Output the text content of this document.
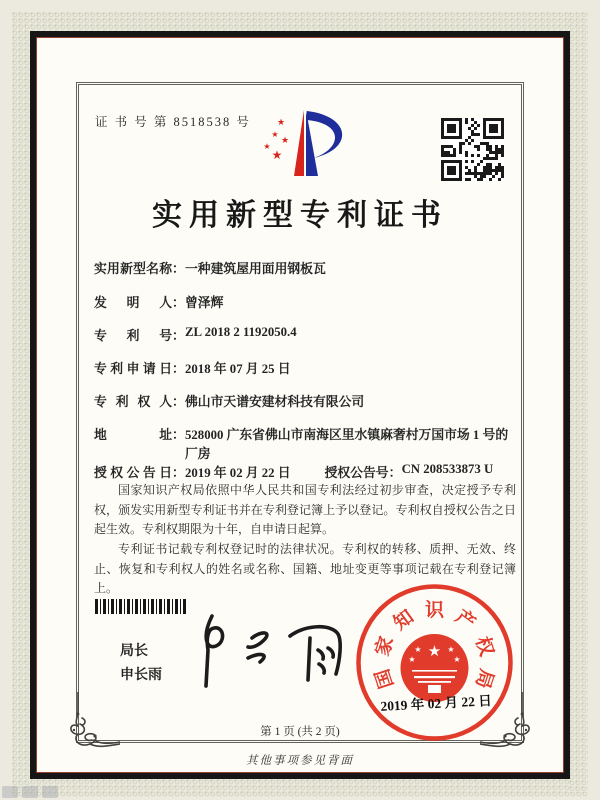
证 书 号 第 8518538 号	★
★
★
★
★
实用新型专利证书
实用新型名称：一种建筑屋用面用钢板瓦
发明人：曾泽辉
专利号：ZL 2018 2 1192050.4
专利申请日：2018 年 07 月 25 日
专利权人：佛山市天谱安建材科技有限公司
地址：528000 广东省佛山市南海区里水镇麻奢村万国市场 1 号的
厂房
授权公告日：2019 年 02 月 22 日	授权公告号：CN 208533873 U

国家知识产权局依照中华人民共和国专利法经过初步审查，决定授予专利权，颁发实用新型专利证书并在专利登记簿上予以登记。专利权自授权公告之日起生效。专利权期限为十年，自申请日起算。

专利证书记载专利权登记时的法律状况。专利权的转移、质押、无效、终止、恢复和专利权人的姓名或名称、国籍、地址变更等事项记载在专利登记簿上。

局长
申长雨	国
家
知 识 产
权
局
★
★	★
★	★
2019 年 02 月 22 日
第 1 页 (共 2 页)
其他事项参见背面
